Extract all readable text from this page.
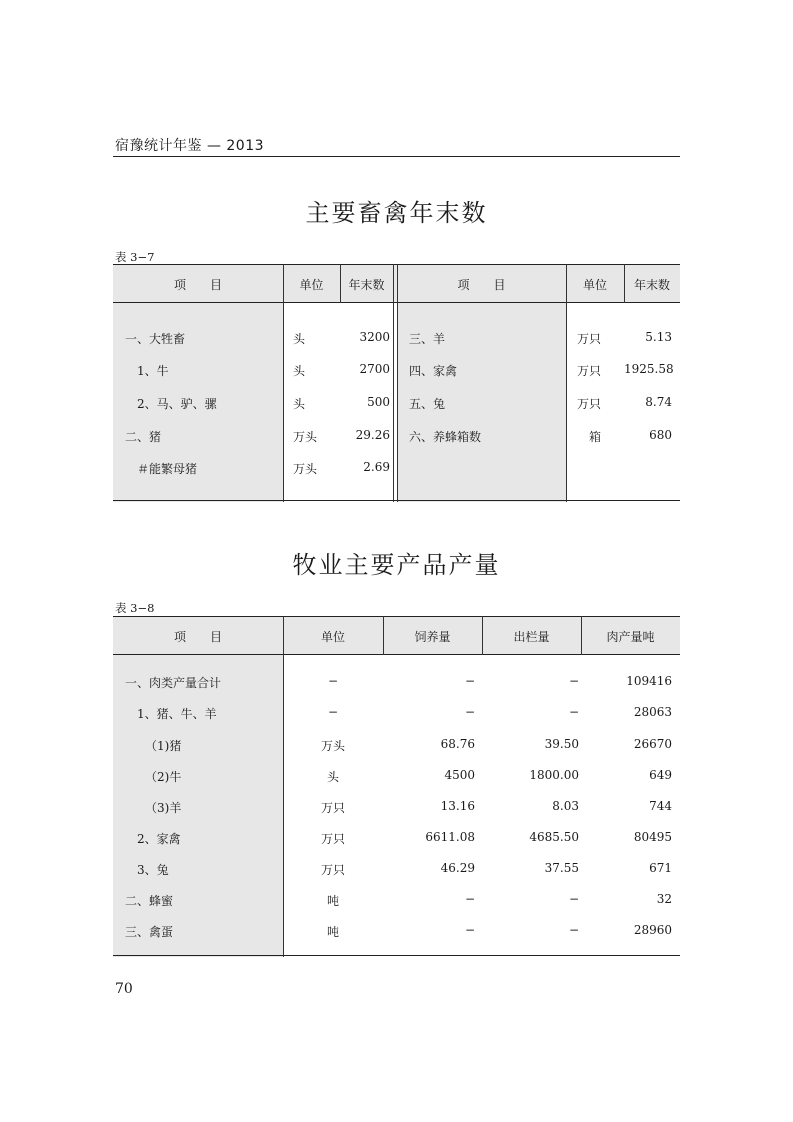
宿豫统计年鉴 — 2013
主要畜禽年末数
表 3−7
项　　目	单位	年末数	项　　目	单位	年末数
一、大牲畜	头	3200
1、牛	头	2700
2、马、驴、骡	头	500
二、猪	万头	29.26
＃能繁母猪	万头	2.69
三、羊	万只	5.13
四、家禽	万只 1925.58
五、兔	万只	8.74
六、养蜂箱数	箱	680
牧业主要产品产量
表 3−8
项　　目	单位	饲养量	出栏量	肉产量吨
一、肉类产量合计	−	−	−	109416
1、猪、牛、羊	−	−	−	28063
（1)猪	万头	68.76	39.50	26670
（2)牛	头	4500	1800.00	649
（3)羊	万只	13.16	8.03	744
2、家禽	万只	6611.08	4685.50	80495
3、兔	万只	46.29	37.55	671
二、蜂蜜	吨	−	−	32
三、禽蛋	吨	−	−	28960
70
